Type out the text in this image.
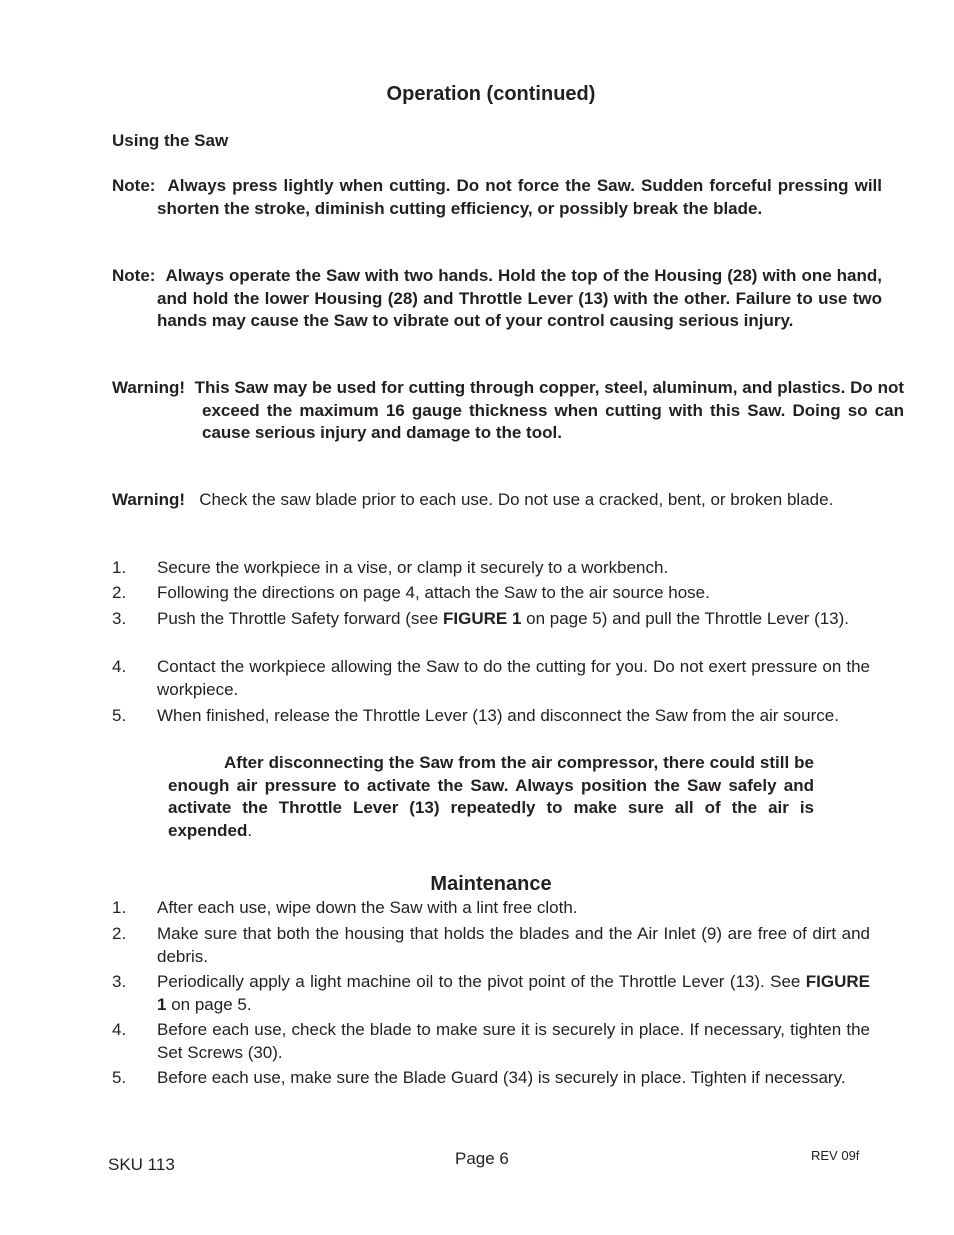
Operation (continued)
Using the Saw
Note: Always press lightly when cutting. Do not force the Saw. Sudden forceful pressing will shorten the stroke, diminish cutting efficiency, or possibly break the blade.
Note: Always operate the Saw with two hands. Hold the top of the Housing (28) with one hand, and hold the lower Housing (28) and Throttle Lever (13) with the other. Failure to use two hands may cause the Saw to vibrate out of your control causing serious injury.
Warning! This Saw may be used for cutting through copper, steel, aluminum, and plastics. Do not exceed the maximum 16 gauge thickness when cutting with this Saw. Doing so can cause serious injury and damage to the tool.
Warning! Check the saw blade prior to each use. Do not use a cracked, bent, or broken blade.
1.	Secure the workpiece in a vise, or clamp it securely to a workbench.
2.	Following the directions on page 4, attach the Saw to the air source hose.
3.	Push the Throttle Safety forward (see FIGURE 1 on page 5) and pull the Throttle Lever (13).
4.	Contact the workpiece allowing the Saw to do the cutting for you. Do not exert pressure on the workpiece.
5.	When finished, release the Throttle Lever (13) and disconnect the Saw from the air source.
After disconnecting the Saw from the air compressor, there could still be enough air pressure to activate the Saw. Always position the Saw safely and activate the Throttle Lever (13) repeatedly to make sure all of the air is expended.
Maintenance
1.	After each use, wipe down the Saw with a lint free cloth.
2.	Make sure that both the housing that holds the blades and the Air Inlet (9) are free of dirt and debris.
3.	Periodically apply a light machine oil to the pivot point of the Throttle Lever (13). See FIGURE 1 on page 5.
4.	Before each use, check the blade to make sure it is securely in place. If necessary, tighten the Set Screws (30).
5.	Before each use, make sure the Blade Guard (34) is securely in place. Tighten if necessary.
SKU 113	Page 6	REV 09f
